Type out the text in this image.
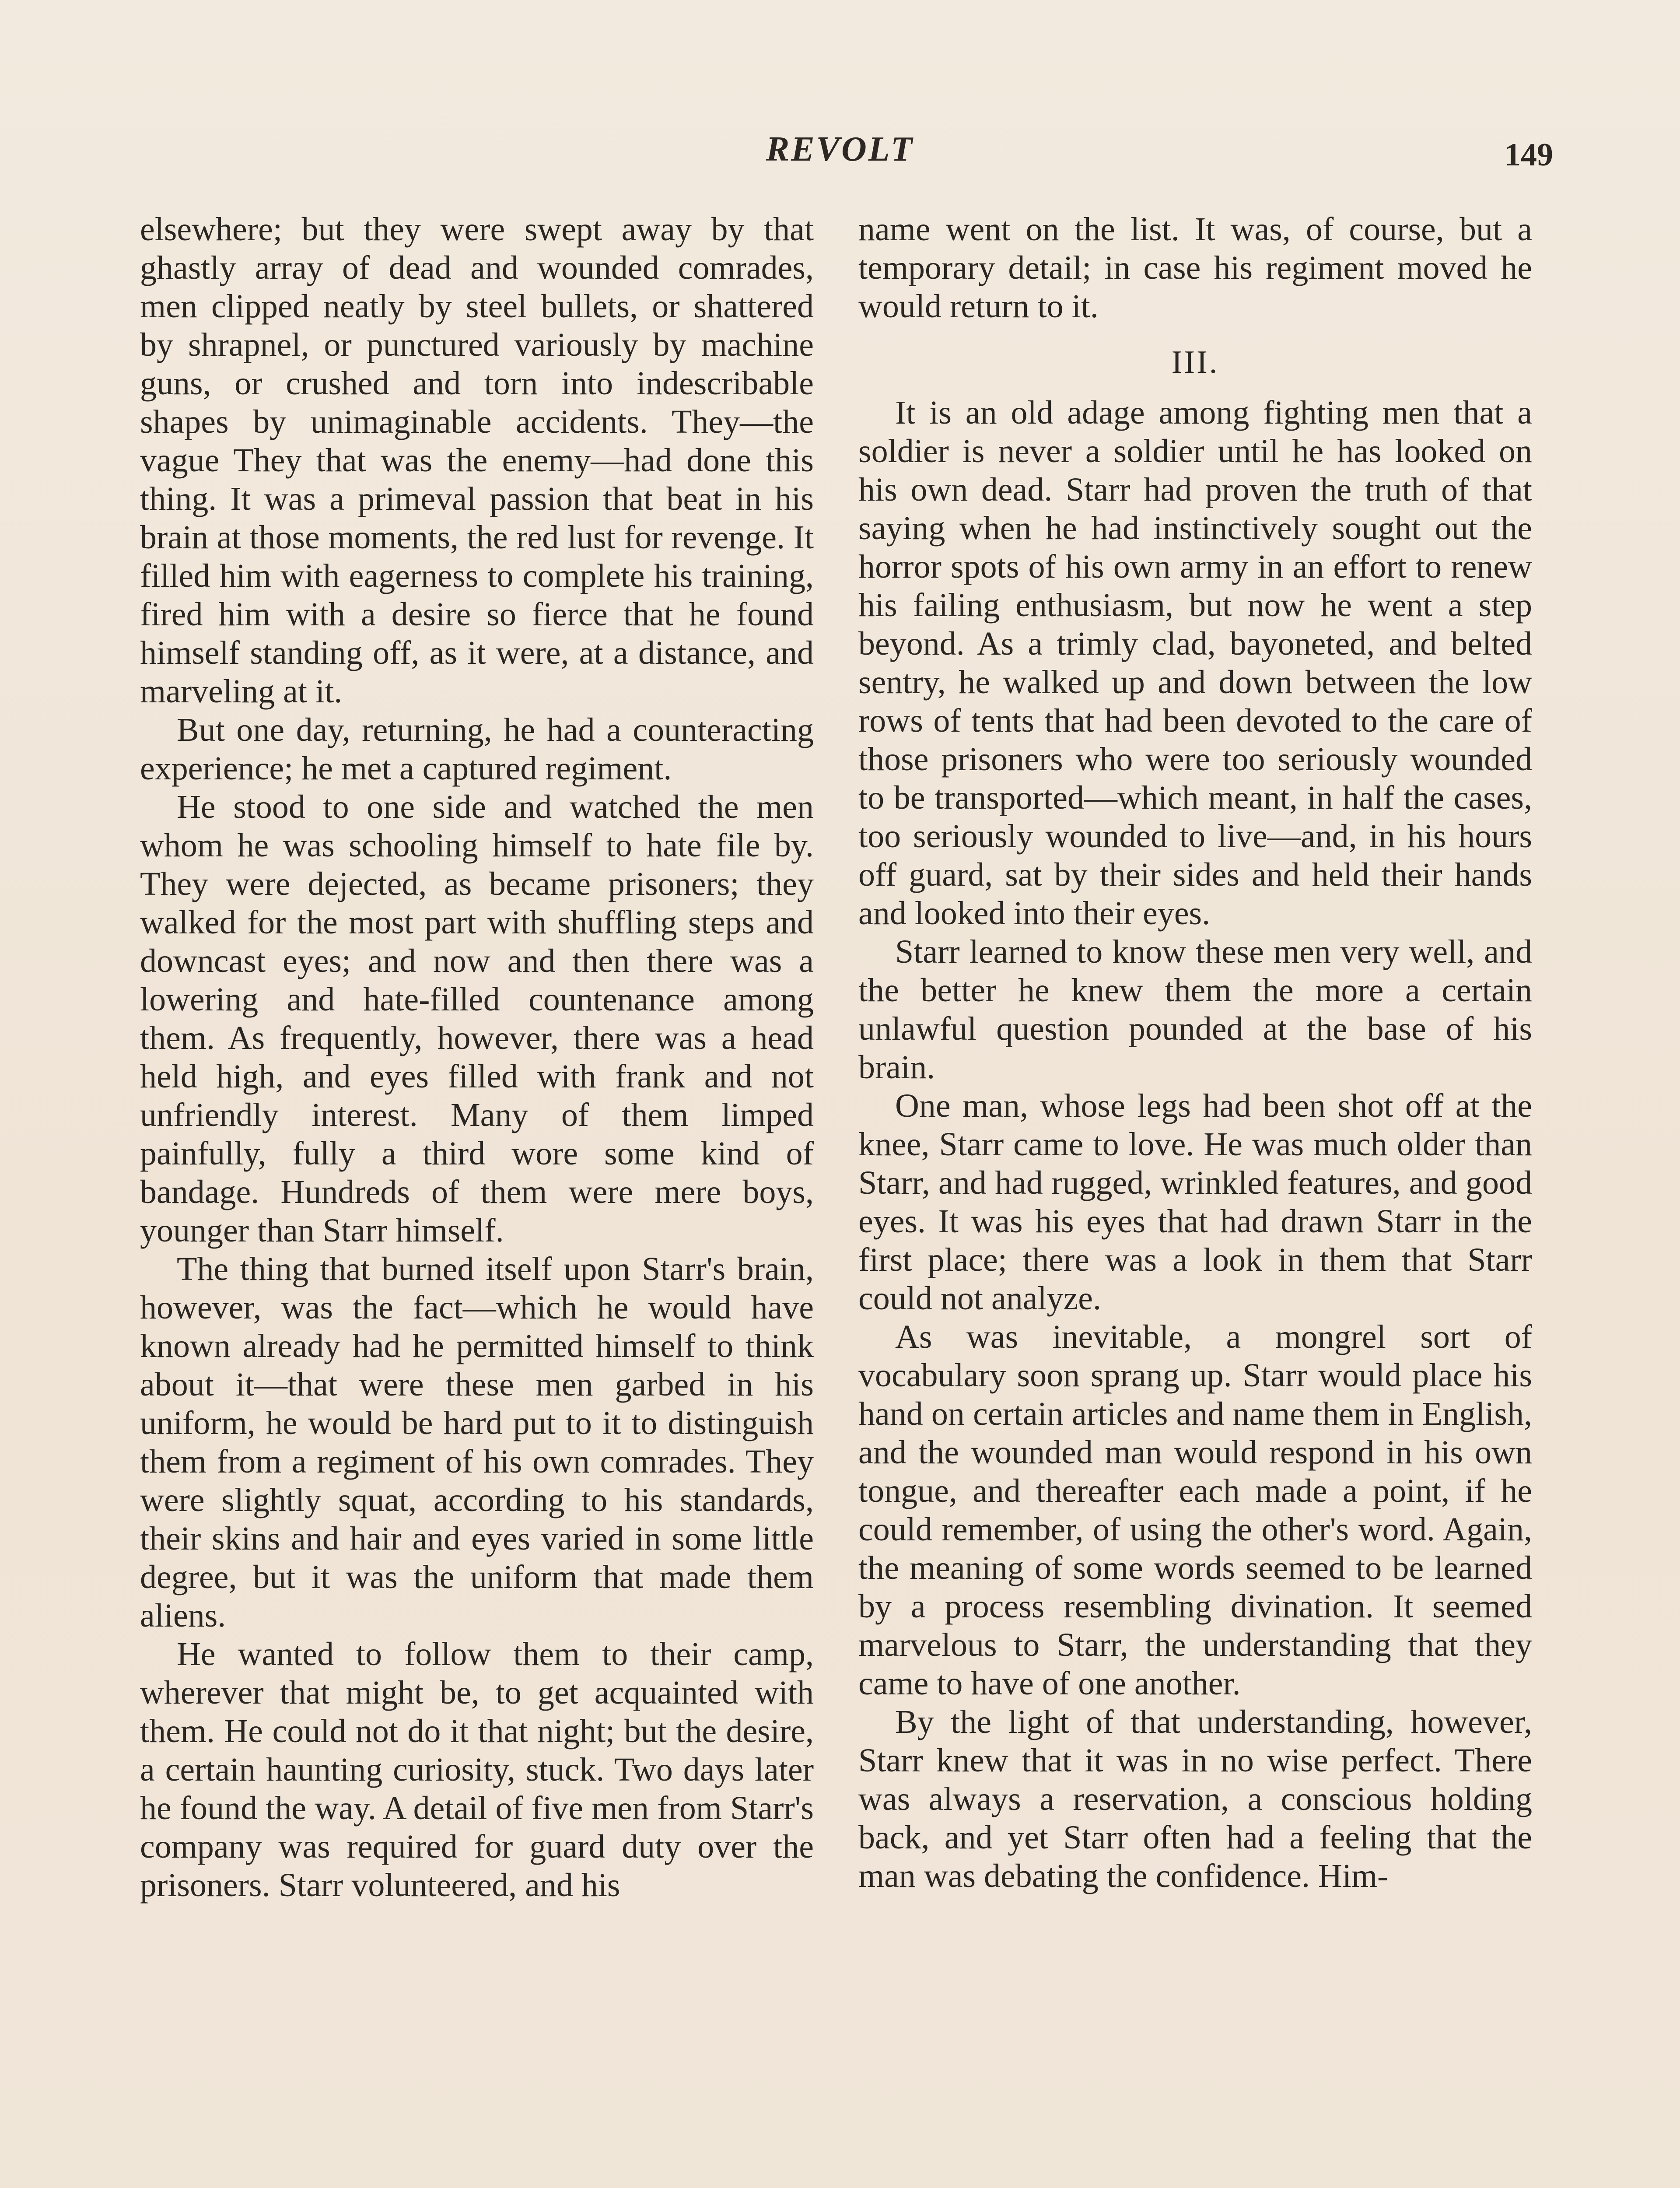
REVOLT	149

elsewhere; but they were swept away by that ghastly array of dead and wounded comrades, men clipped neatly by steel bullets, or shattered by shrapnel, or punctured variously by machine guns, or crushed and torn into indescribable shapes by unimaginable accidents. They—the vague They that was the enemy—had done this thing. It was a primeval passion that beat in his brain at those moments, the red lust for revenge. It filled him with eagerness to complete his training, fired him with a desire so fierce that he found himself standing off, as it were, at a distance, and marveling at it.

But one day, returning, he had a counteracting experience; he met a captured regiment.

He stood to one side and watched the men whom he was schooling himself to hate file by. They were dejected, as became prisoners; they walked for the most part with shuffling steps and downcast eyes; and now and then there was a lowering and hate-filled countenance among them. As frequently, however, there was a head held high, and eyes filled with frank and not unfriendly interest. Many of them limped painfully, fully a third wore some kind of bandage. Hundreds of them were mere boys, younger than Starr himself.

The thing that burned itself upon Starr's brain, however, was the fact—which he would have known already had he permitted himself to think about it—that were these men garbed in his uniform, he would be hard put to it to distinguish them from a regiment of his own comrades. They were slightly squat, according to his standards, their skins and hair and eyes varied in some little degree, but it was the uniform that made them aliens.

He wanted to follow them to their camp, wherever that might be, to get acquainted with them. He could not do it that night; but the desire, a certain haunting curiosity, stuck. Two days later he found the way. A detail of five men from Starr's company was required for guard duty over the prisoners. Starr volunteered, and his

name went on the list. It was, of course, but a temporary detail; in case his regiment moved he would return to it.

III.

It is an old adage among fighting men that a soldier is never a soldier until he has looked on his own dead. Starr had proven the truth of that saying when he had instinctively sought out the horror spots of his own army in an effort to renew his failing enthusiasm, but now he went a step beyond. As a trimly clad, bayoneted, and belted sentry, he walked up and down between the low rows of tents that had been devoted to the care of those prisoners who were too seriously wounded to be transported—which meant, in half the cases, too seriously wounded to live—and, in his hours off guard, sat by their sides and held their hands and looked into their eyes.

Starr learned to know these men very well, and the better he knew them the more a certain unlawful question pounded at the base of his brain.

One man, whose legs had been shot off at the knee, Starr came to love. He was much older than Starr, and had rugged, wrinkled features, and good eyes. It was his eyes that had drawn Starr in the first place; there was a look in them that Starr could not analyze.

As was inevitable, a mongrel sort of vocabulary soon sprang up. Starr would place his hand on certain articles and name them in English, and the wounded man would respond in his own tongue, and thereafter each made a point, if he could remember, of using the other's word. Again, the meaning of some words seemed to be learned by a process resembling divination. It seemed marvelous to Starr, the understanding that they came to have of one another.

By the light of that understanding, however, Starr knew that it was in no wise perfect. There was always a reservation, a conscious holding back, and yet Starr often had a feeling that the man was debating the confidence. Him-
